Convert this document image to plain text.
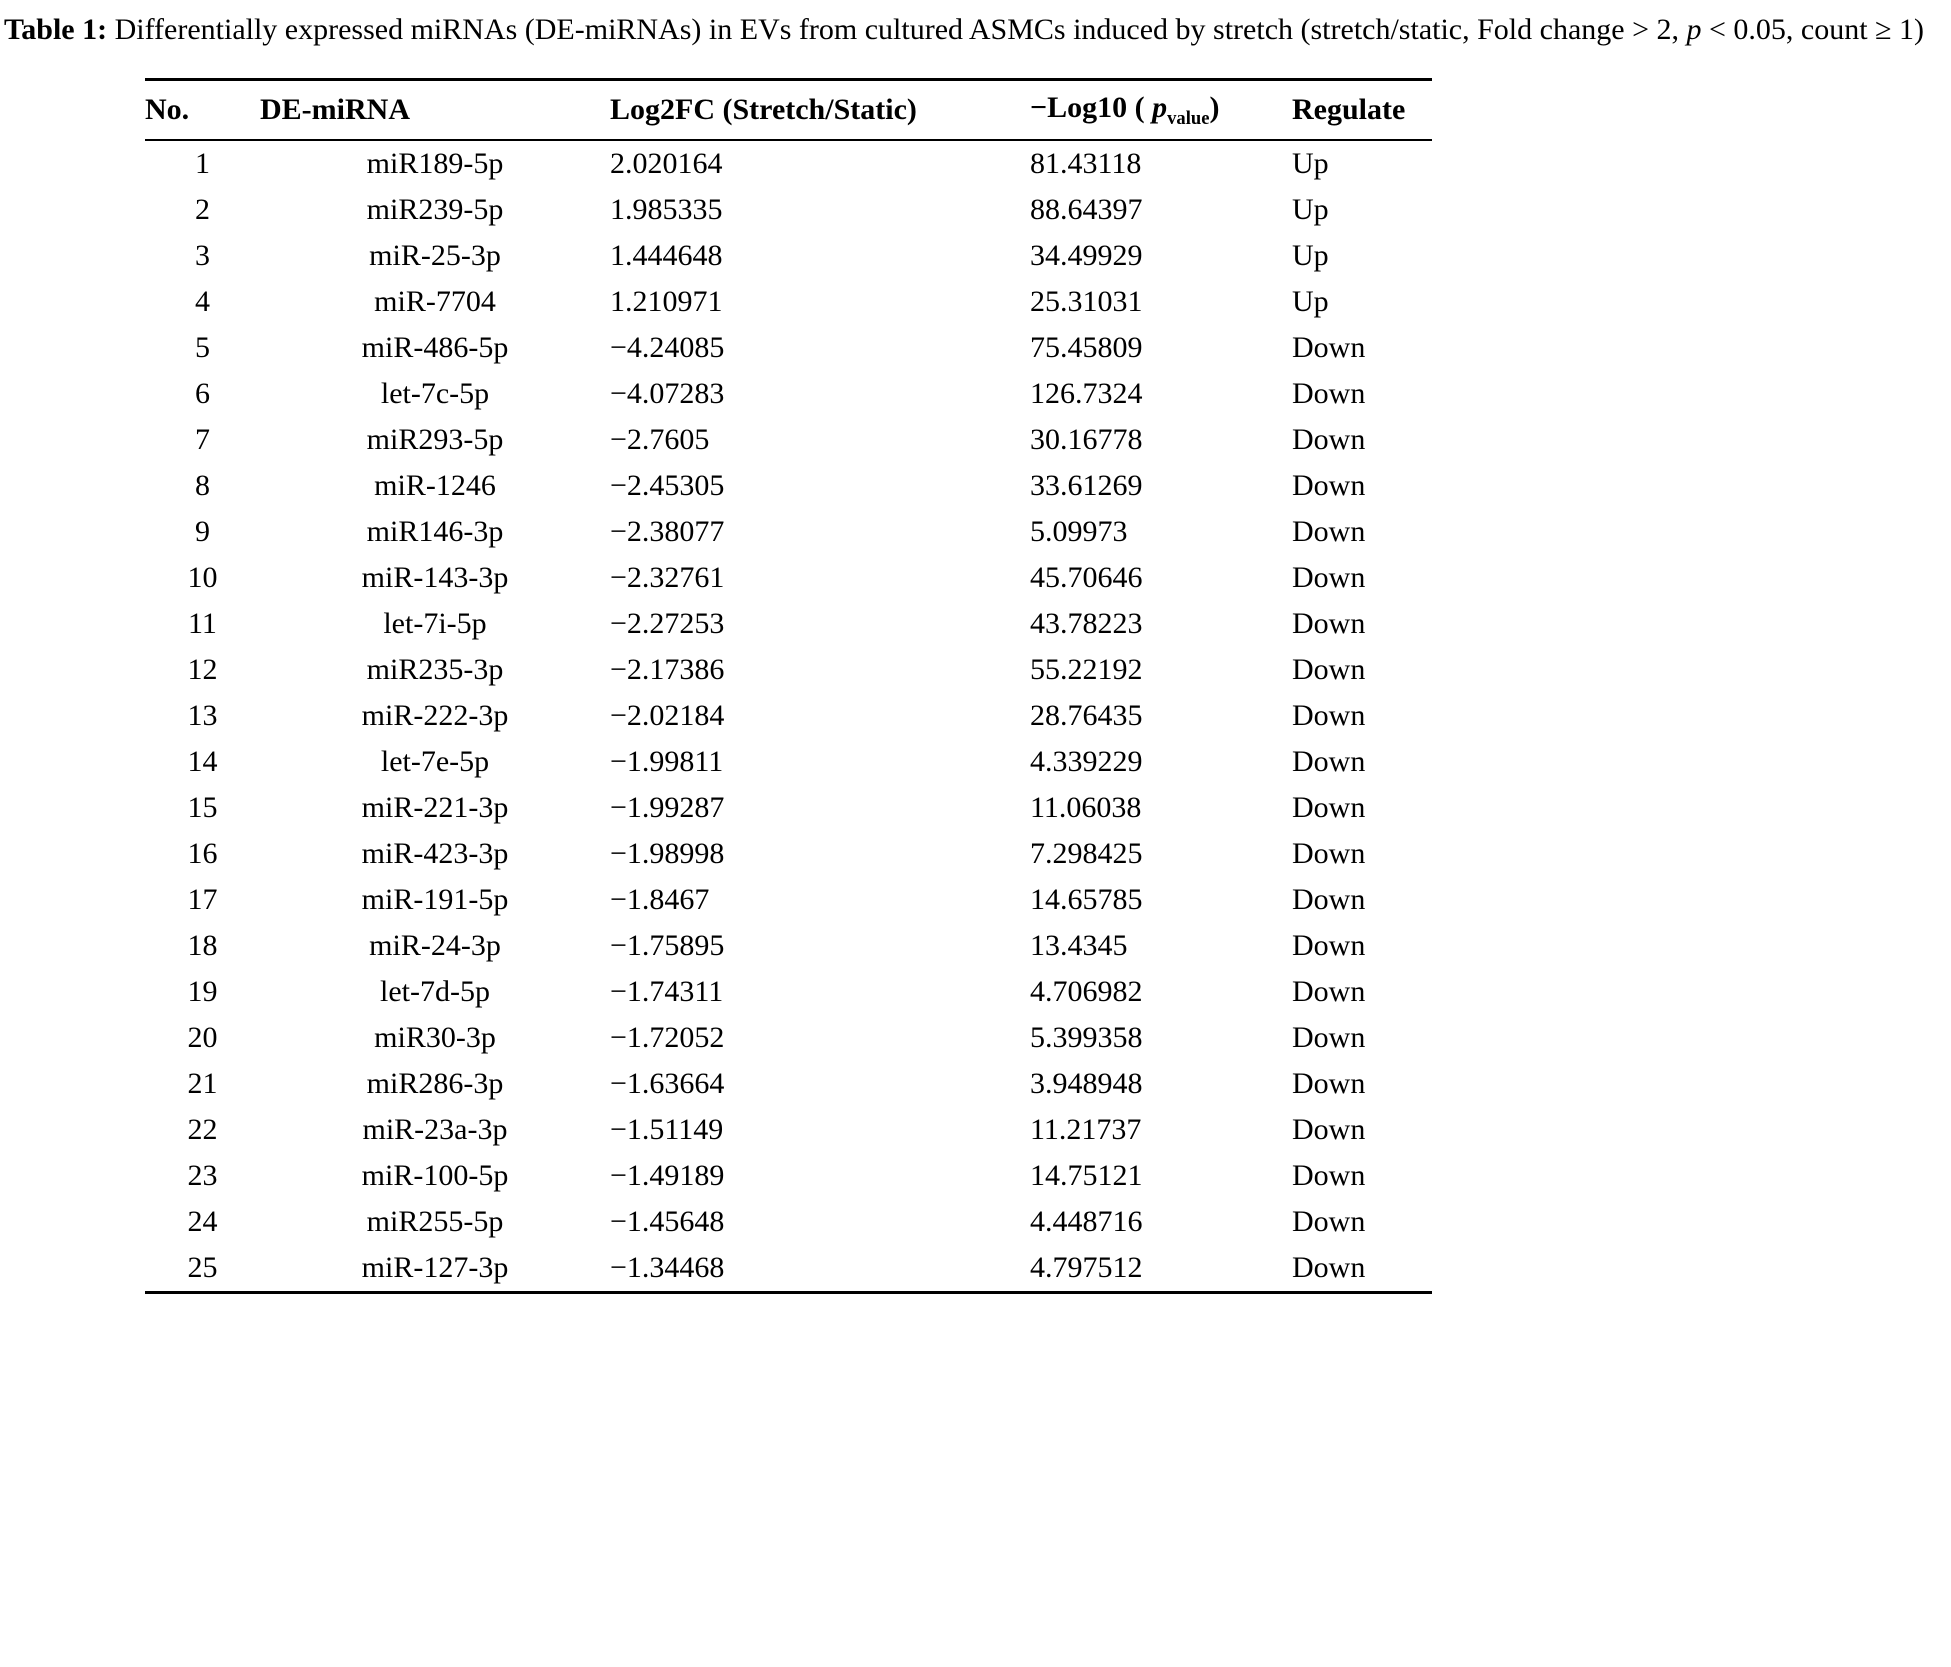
Table 1: Differentially expressed miRNAs (DE-miRNAs) in EVs from cultured ASMCs induced by stretch (stretch/static, Fold change > 2, p < 0.05, count ≥ 1)
No.	DE-miRNA	Log2FC (Stretch/Static)	−Log10 ( $p_{value}$)	Regulate
1	miR189-5p	2.020164	81.43118	Up
2	miR239-5p	1.985335	88.64397	Up
3	miR-25-3p	1.444648	34.49929	Up
4	miR-7704	1.210971	25.31031	Up
5	miR-486-5p	−4.24085	75.45809	Down
6	let-7c-5p	−4.07283	126.7324	Down
7	miR293-5p	−2.7605	30.16778	Down
8	miR-1246	−2.45305	33.61269	Down
9	miR146-3p	−2.38077	5.09973	Down
10	miR-143-3p	−2.32761	45.70646	Down
11	let-7i-5p	−2.27253	43.78223	Down
12	miR235-3p	−2.17386	55.22192	Down
13	miR-222-3p	−2.02184	28.76435	Down
14	let-7e-5p	−1.99811	4.339229	Down
15	miR-221-3p	−1.99287	11.06038	Down
16	miR-423-3p	−1.98998	7.298425	Down
17	miR-191-5p	−1.8467	14.65785	Down
18	miR-24-3p	−1.75895	13.4345	Down
19	let-7d-5p	−1.74311	4.706982	Down
20	miR30-3p	−1.72052	5.399358	Down
21	miR286-3p	−1.63664	3.948948	Down
22	miR-23a-3p	−1.51149	11.21737	Down
23	miR-100-5p	−1.49189	14.75121	Down
24	miR255-5p	−1.45648	4.448716	Down
25	miR-127-3p	−1.34468	4.797512	Down
